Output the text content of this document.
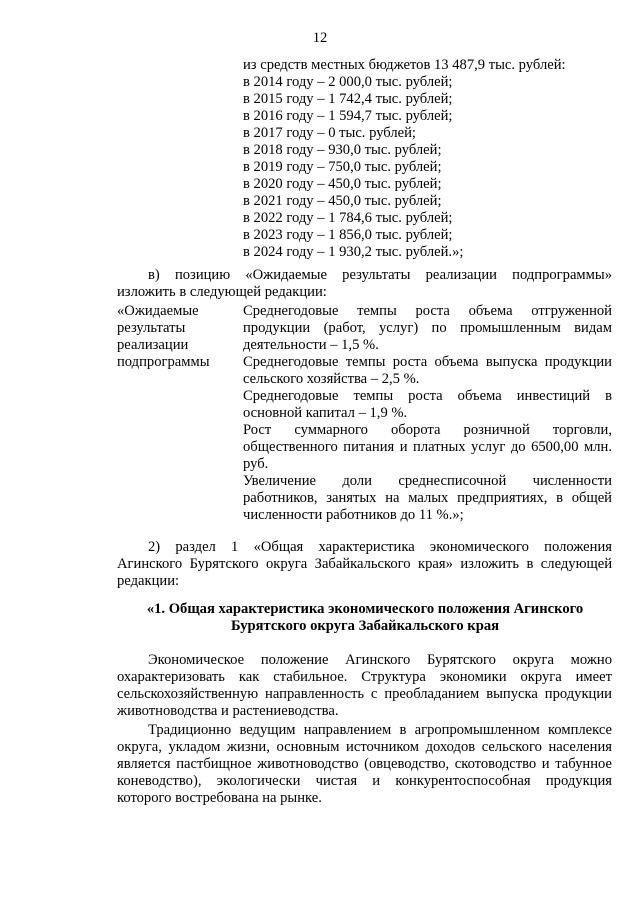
12
из средств местных бюджетов 13 487,9 тыс. рублей:
в 2014 году – 2 000,0 тыс. рублей;
в 2015 году – 1 742,4 тыс. рублей;
в 2016 году – 1 594,7 тыс. рублей;
в 2017 году – 0 тыс. рублей;
в 2018 году – 930,0 тыс. рублей;
в 2019 году – 750,0 тыс. рублей;
в 2020 году – 450,0 тыс. рублей;
в 2021 году – 450,0 тыс. рублей;
в 2022 году – 1 784,6 тыс. рублей;
в 2023 году – 1 856,0 тыс. рублей;
в 2024 году – 1 930,2 тыс. рублей.»;
в) позицию «Ожидаемые результаты реализации подпрограммы»
изложить в следующей редакции:
«Ожидаемые
результаты
реализации
подпрограммы
Среднегодовые темпы роста объема отгруженной
продукции (работ, услуг) по промышленным видам
деятельности – 1,5 %.
Среднегодовые темпы роста объема выпуска продукции
сельского хозяйства – 2,5 %.
Среднегодовые темпы роста объема инвестиций в
основной капитал – 1,9 %.
Рост суммарного оборота розничной торговли,
общественного питания и платных услуг до 6500,00 млн.
руб.
Увеличение доли среднесписочной численности
работников, занятых на малых предприятиях, в общей
численности работников до 11 %.»;
2) раздел 1 «Общая характеристика экономического положения
Агинского Бурятского округа Забайкальского края» изложить в следующей
редакции:
«1. Общая характеристика экономического положения Агинского
Бурятского округа Забайкальского края
Экономическое положение Агинского Бурятского округа можно
охарактеризовать как стабильное. Структура экономики округа имеет
сельскохозяйственную направленность с преобладанием выпуска продукции
животноводства и растениеводства.
Традиционно ведущим направлением в агропромышленном комплексе
округа, укладом жизни, основным источником доходов сельского населения
является пастбищное животноводство (овцеводство, скотоводство и табунное
коневодство), экологически чистая и конкурентоспособная продукция
которого востребована на рынке.
